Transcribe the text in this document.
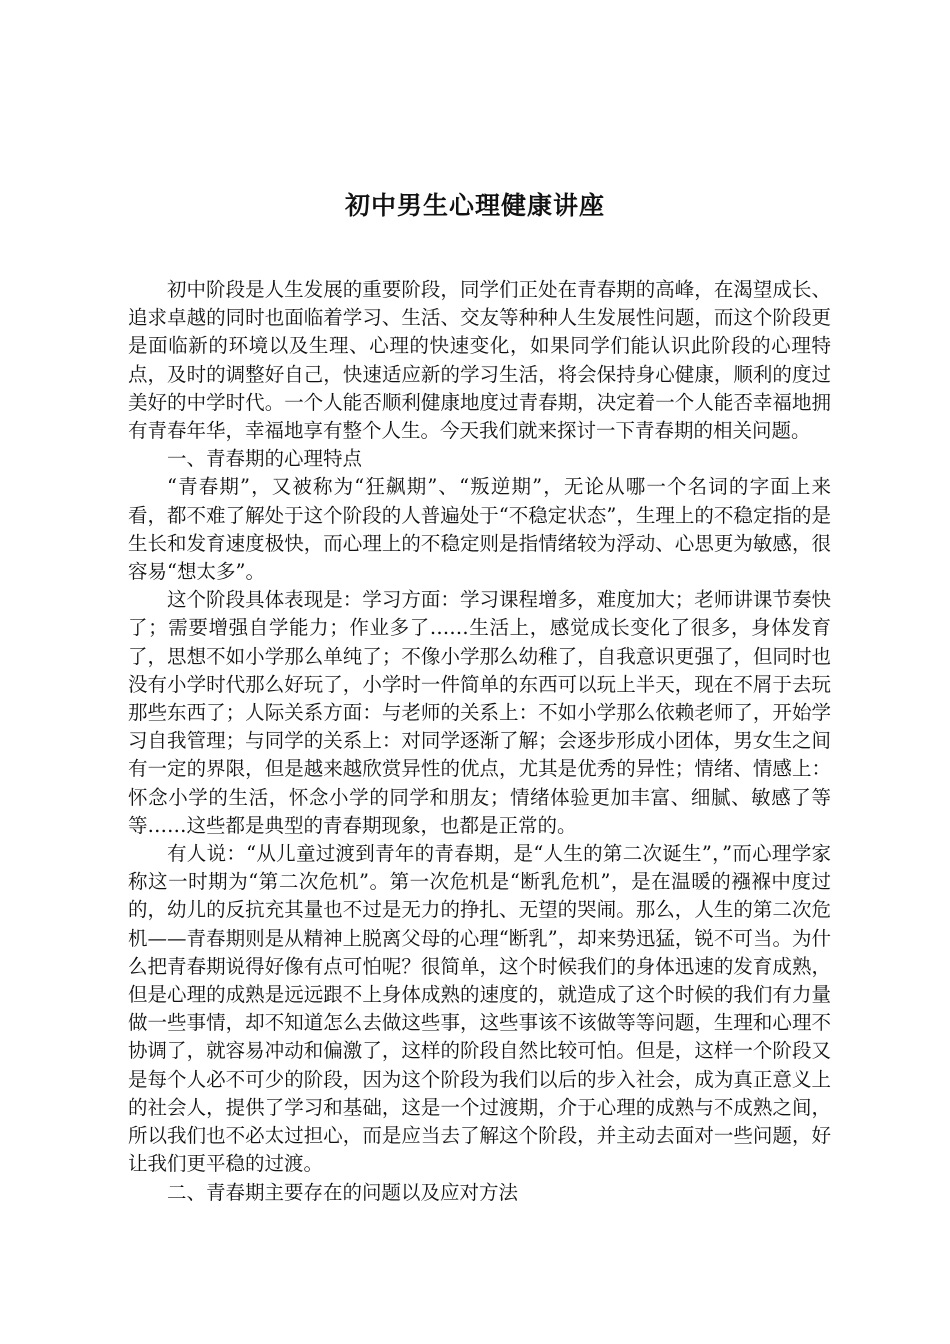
初中男生心理健康讲座

初中阶段是人生发展的重要阶段，同学们正处在青春期的高峰，在渴望成长、追求卓越的同时也面临着学习、生活、交友等种种人生发展性问题，而这个阶段更是面临新的环境以及生理、心理的快速变化，如果同学们能认识此阶段的心理特点，及时的调整好自己，快速适应新的学习生活，将会保持身心健康，顺利的度过美好的中学时代。一个人能否顺利健康地度过青春期，决定着一个人能否幸福地拥有青春年华，幸福地享有整个人生。今天我们就来探讨一下青春期的相关问题。

一、青春期的心理特点

“青春期”，又被称为“狂飙期”、“叛逆期”，无论从哪一个名词的字面上来看，都不难了解处于这个阶段的人普遍处于“不稳定状态”，生理上的不稳定指的是生长和发育速度极快，而心理上的不稳定则是指情绪较为浮动、心思更为敏感，很容易“想太多”。

这个阶段具体表现是：学习方面：学习课程增多，难度加大；老师讲课节奏快了；需要增强自学能力；作业多了……生活上，感觉成长变化了很多，身体发育了，思想不如小学那么单纯了；不像小学那么幼稚了，自我意识更强了，但同时也没有小学时代那么好玩了，小学时一件简单的东西可以玩上半天，现在不屑于去玩那些东西了；人际关系方面：与老师的关系上：不如小学那么依赖老师了，开始学习自我管理；与同学的关系上：对同学逐渐了解；会逐步形成小团体，男女生之间有一定的界限，但是越来越欣赏异性的优点，尤其是优秀的异性；情绪、情感上：怀念小学的生活，怀念小学的同学和朋友；情绪体验更加丰富、细腻、敏感了等等……这些都是典型的青春期现象，也都是正常的。

有人说：“从儿童过渡到青年的青春期，是“人生的第二次诞生”，”而心理学家称这一时期为“第二次危机”。第一次危机是“断乳危机”，是在温暖的襁褓中度过的，幼儿的反抗充其量也不过是无力的挣扎、无望的哭闹。那么，人生的第二次危机——青春期则是从精神上脱离父母的心理“断乳”，却来势迅猛，锐不可当。为什么把青春期说得好像有点可怕呢？很简单，这个时候我们的身体迅速的发育成熟，但是心理的成熟是远远跟不上身体成熟的速度的，就造成了这个时候的我们有力量做一些事情，却不知道怎么去做这些事，这些事该不该做等等问题，生理和心理不协调了，就容易冲动和偏激了，这样的阶段自然比较可怕。但是，这样一个阶段又是每个人必不可少的阶段，因为这个阶段为我们以后的步入社会，成为真正意义上的社会人，提供了学习和基础，这是一个过渡期，介于心理的成熟与不成熟之间，所以我们也不必太过担心，而是应当去了解这个阶段，并主动去面对一些问题，好让我们更平稳的过渡。

二、青春期主要存在的问题以及应对方法
